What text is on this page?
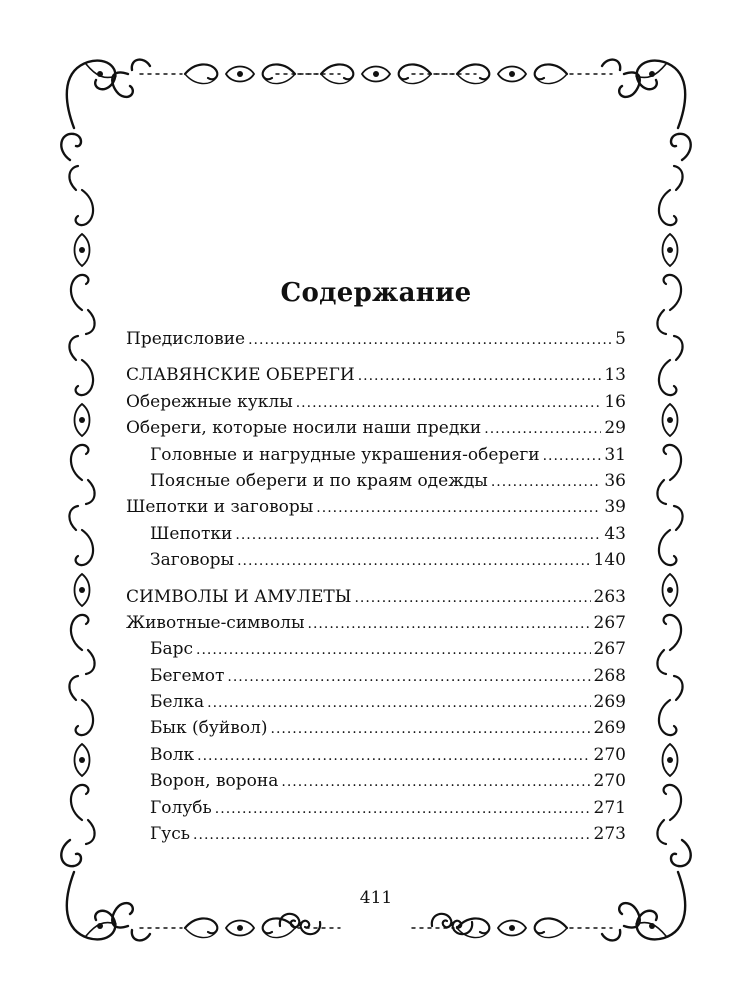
Содержание
Предисловие .....	5
СЛАВЯНСКИЕ ОБЕРЕГИ .....	13
Обережные куклы .....	16
Обереги, которые носили наши предки .....	29
Головные и нагрудные украшения-обереги .....	31
Поясные обереги и по краям одежды .....	36
Шепотки и заговоры .....	39
Шепотки .....	43
Заговоры .....	140
СИМВОЛЫ И АМУЛЕТЫ .....	263
Животные-символы .....	267
Барс .....	267
Бегемот .....	268
Белка .....	269
Бык (буйвол) .....	269
Волк .....	270
Ворон, ворона .....	270
Голубь .....	271
Гусь .....	273
411
